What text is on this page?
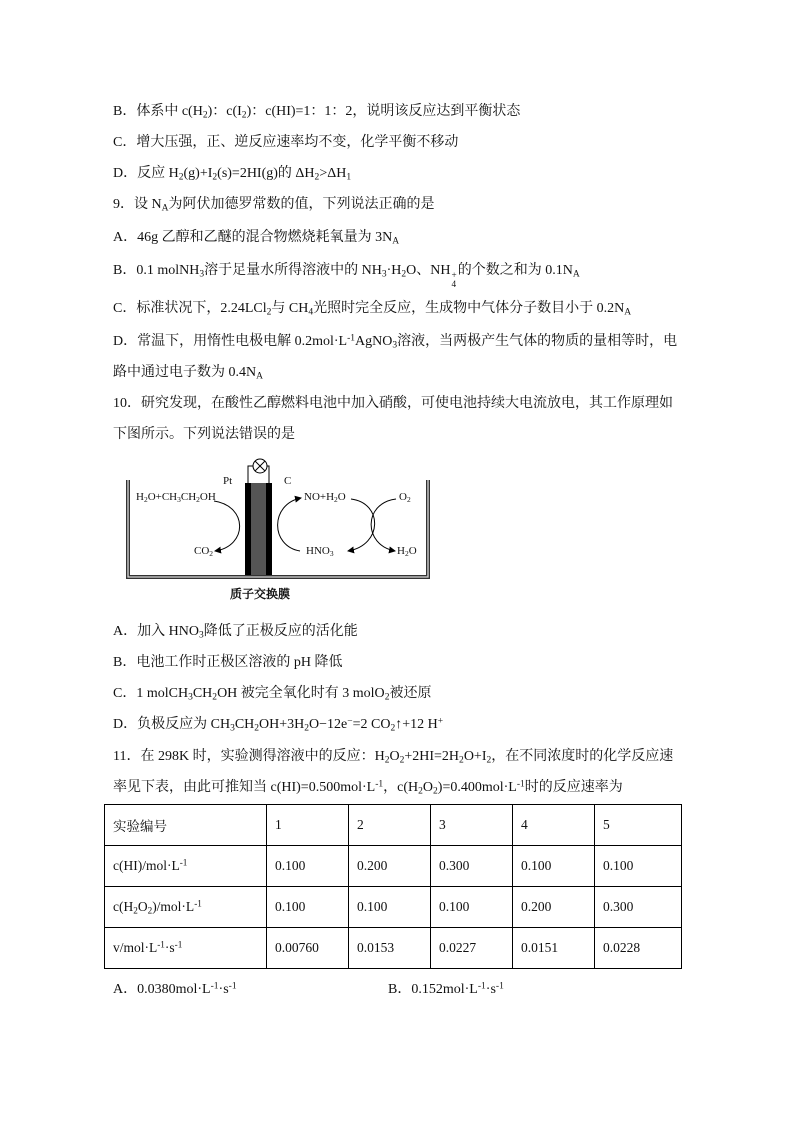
B．体系中 $c(H_2)$：$c(I_2)$：c(HI)=1：1：2，说明该反应达到平衡状态

C．增大压强，正、逆反应速率均不变，化学平衡不移动

D．反应 $H_2(g)+I_2(s)=2HI(g)$的 $\Delta H_2>\Delta H_1$

9．设 $N_A$为阿伏加德罗常数的值，下列说法正确的是

A．46g 乙醇和乙醚的混合物燃烧耗氧量为 $3N_A$

B．0.1 molNH$_3$溶于足量水所得溶液中的 $NH_3\cdot H_2O$、NH +
4
的个数之和为 $0.1N_A$

C．标准状况下，2.24LCl$_2$与 $CH_4$光照时完全反应，生成物中气体分子数目小于 $0.2N_A$

D．常温下，用惰性电极电解 $0.2mol\cdot L^{-1}AgNO_3$溶液，当两极产生气体的物质的量相等时，电

路中通过电子数为 $0.4N_A$

10．研究发现，在酸性乙醇燃料电池中加入硝酸，可使电池持续大电流放电，其工作原理如

下图所示。下列说法错误的是

Pt	C
$H_2O+CH_3CH_2OH$
$CO_2$
$NO+H_2O$
$HNO_3$
$O_2$
$H_2O$
质子交换膜

A．加入 $HNO_3$降低了正极反应的活化能

B．电池工作时正极区溶液的 pH 降低

C．1 $molCH_3CH_2OH$ 被完全氧化时有 3 molO$_2$被还原

D．负极反应为 $CH_3CH_2OH+3H_2O-12e^-=2$ $CO_2↑+12$ H+

11．在 298K 时，实验测得溶液中的反应：$H_2O_2+2HI=2H_2O+I_2$，在不同浓度时的化学反应速

率见下表，由此可推知当 $c(HI)=0.500mol\cdot L^{-1}$，$c(H_2O_2)=0.400mol\cdot L^{-1}$时的反应速率为

实验编号	1	2	3	4	5
$c(HI)/mol\cdot L^{-1}$	0.100	0.200	0.300	0.100	0.100
$c(H_2O_2)/mol\cdot L^{-1}$	0.100	0.100	0.100	0.200	0.300
$v/mol\cdot L^{-1}\cdot s^{-1}$	0.00760	0.0153	0.0227	0.0151	0.0228

A．$0.0380mol\cdot L^{-1}\cdot s^{-1}$	B．$0.152mol\cdot L^{-1}\cdot s^{-1}$
